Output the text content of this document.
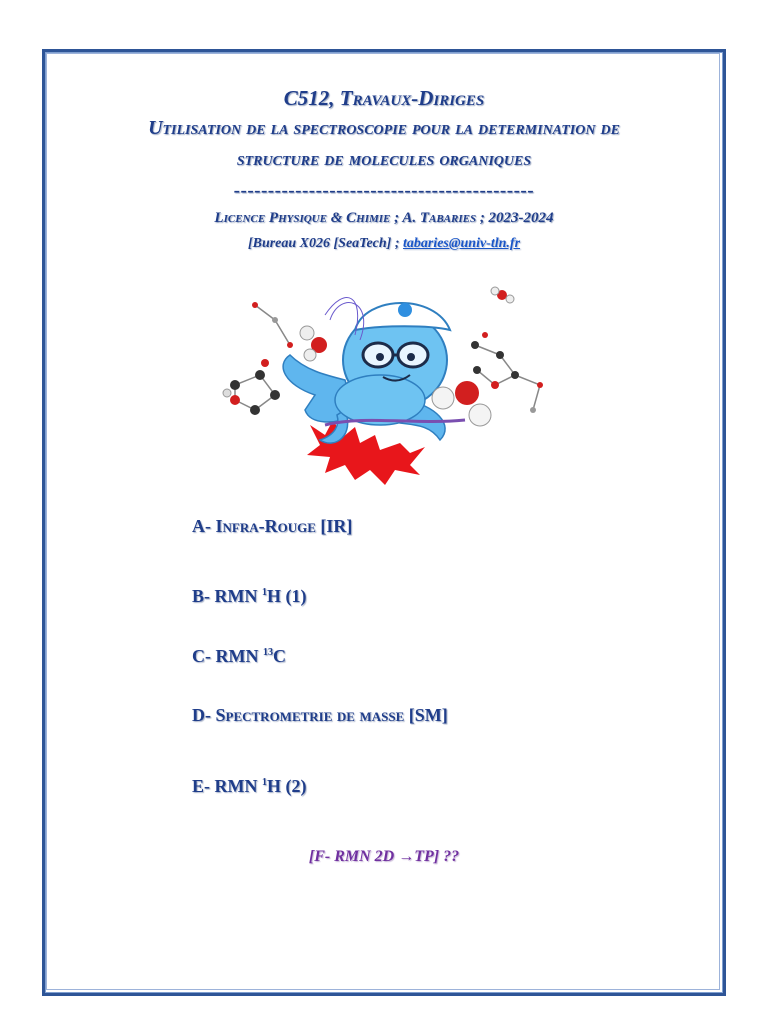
C512, Travaux-Diriges
Utilisation de la spectroscopie pour la determination de
structure de molecules organiques
--------------------------------------------
Licence Physique & Chimie ; A. Tabaries ; 2023-2024
[Bureau X026 [SeaTech] ; tabaries@univ-tln.fr
A- Infra-Rouge [IR]
B- RMN $^1$H (1)
C- RMN $^{13}$C
D- Spectrometrie de masse [SM]
E- RMN $^1$H (2)
[F- RMN 2D →TP] ??
